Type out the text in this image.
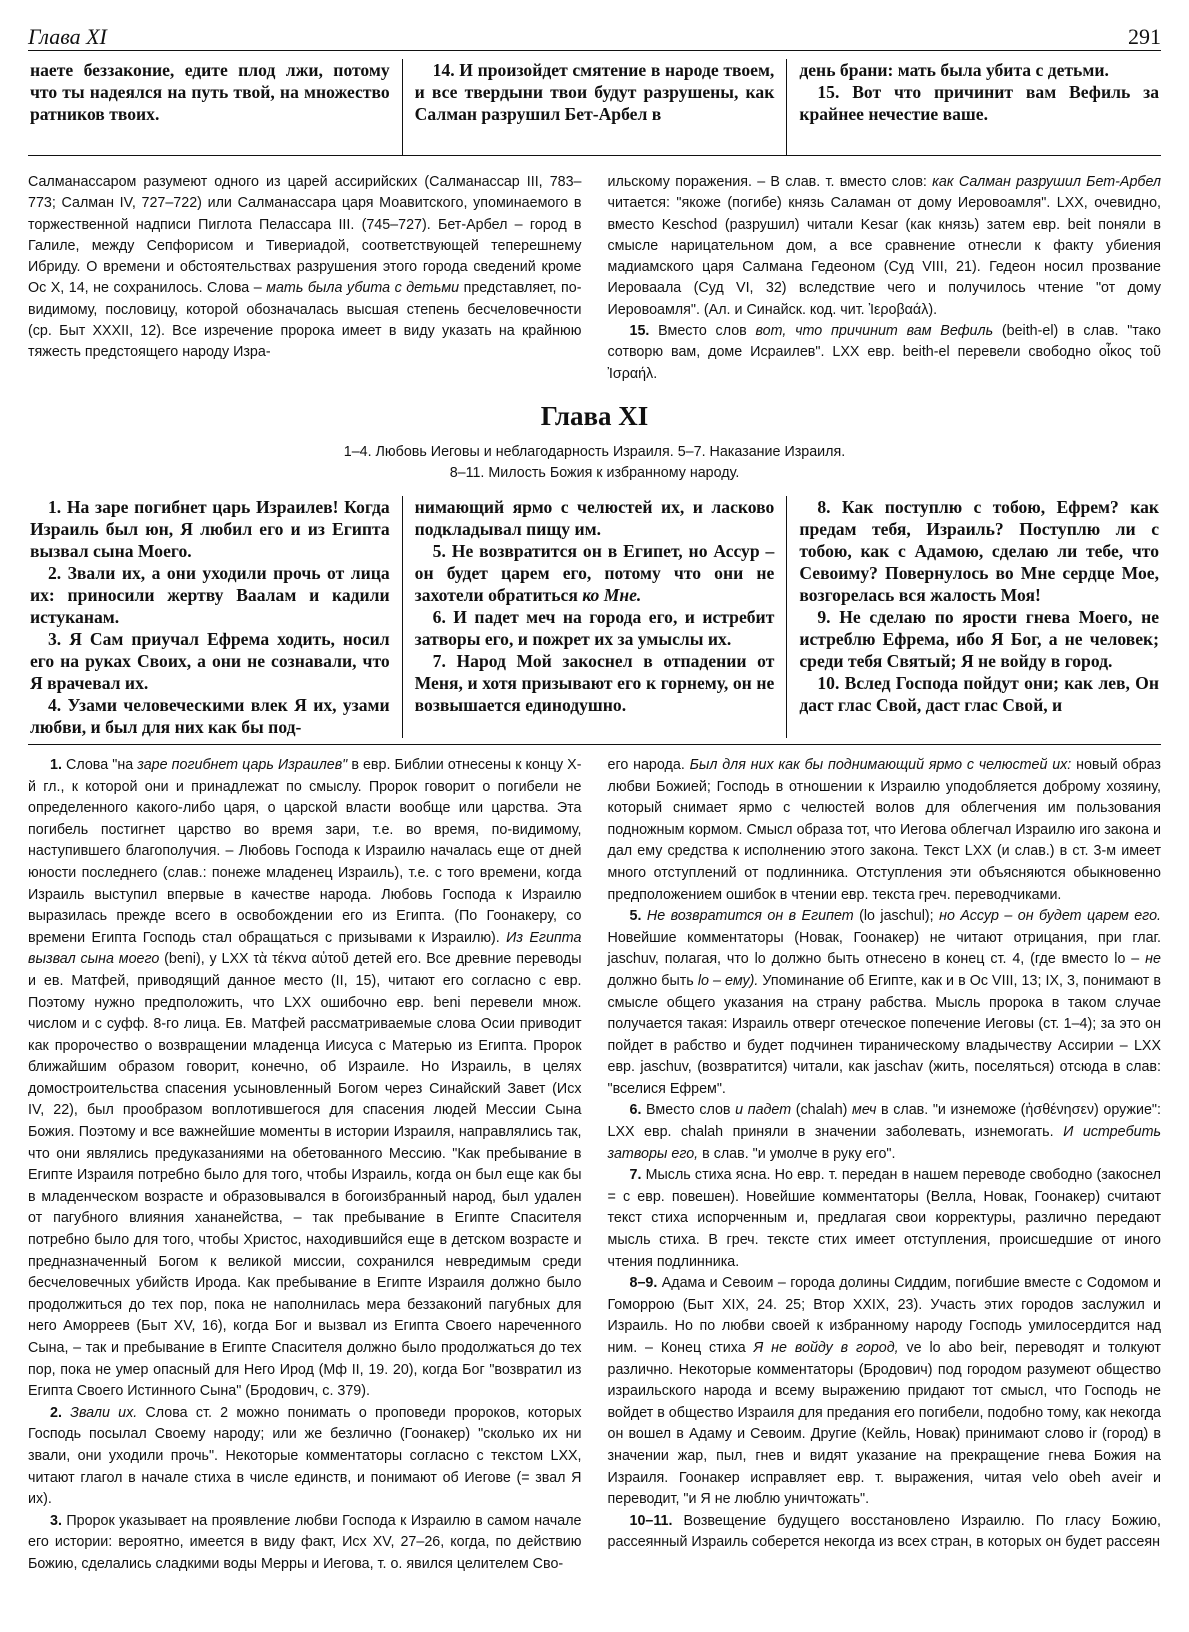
Глава XI	291

наете беззаконие, едите плод лжи, потому что ты надеялся на путь твой, на множество ратников твоих.

14. И произойдет смятение в народе твоем, и все твердыни твои будут разрушены, как Салман разрушил Бет-Арбел в

день брани: мать была убита с детьми.

15. Вот что причинит вам Вефиль за крайнее нечестие ваше.

Салманассаром разумеют одного из царей ассирийских (Салманассар III, 783–773; Салман IV, 727–722) или Салманассара царя Моавитского, упоминаемого в торжественной надписи Пиглота Пелассара III. (745–727). Бет-Арбел – город в Галиле, между Сепфорисом и Тивериадой, соответствующей теперешнему Ибриду. О времени и обстоятельствах разрушения этого города сведений кроме Ос X, 14, не сохранилось. Слова – мать была убита с детьми представляет, по-видимому, пословицу, которой обозначалась высшая степень бесчеловечности (ср. Быт XXXII, 12). Все изречение пророка имеет в виду указать на крайнюю тяжесть предстоящего народу Изра-

ильскому поражения. – В слав. т. вместо слов: как Салман разрушил Бет-Арбел читается: "якоже (погибе) князь Саламан от дому Иеровоамля". LXX, очевидно, вместо Keschod (разрушил) читали Kesar (как князь) затем евр. beit поняли в смысле нарицательном дом, а все сравнение отнесли к факту убиения мадиамского царя Салмана Гедеоном (Суд VIII, 21). Гедеон носил прозвание Иероваала (Суд VI, 32) вследствие чего и получилось чтение "от дому Иеровоамля". (Ал. и Синайск. код. чит. Ἰεροβαάλ).

15. Вместо слов вот, что причинит вам Вефиль (beith-el) в слав. "тако сотворю вам, доме Исраилев". LXX евр. beith-el перевели свободно οἶκος τοῦ Ἰσραήλ.

Глава XI
1–4. Любовь Иеговы и неблагодарность Израиля. 5–7. Наказание Израиля.
8–11. Милость Божия к избранному народу.

1. На заре погибнет царь Израилев! Когда Израиль был юн, Я любил его и из Египта вызвал сына Моего.

2. Звали их, а они уходили прочь от лица их: приносили жертву Ваалам и кадили истуканам.

3. Я Сам приучал Ефрема ходить, носил его на руках Своих, а они не сознавали, что Я врачевал их.

4. Узами человеческими влек Я их, узами любви, и был для них как бы под-

нимающий ярмо с челюстей их, и ласково подкладывал пищу им.

5. Не возвратится он в Египет, но Ассур – он будет царем его, потому что они не захотели обратиться ко Мне.

6. И падет меч на города его, и истребит затворы его, и пожрет их за умыслы их.

7. Народ Мой закоснел в отпадении от Меня, и хотя призывают его к горнему, он не возвышается единодушно.

8. Как поступлю с тобою, Ефрем? как предам тебя, Израиль? Поступлю ли с тобою, как с Адамою, сделаю ли тебе, что Севоиму? Повернулось во Мне сердце Мое, возгорелась вся жалость Моя!

9. Не сделаю по ярости гнева Моего, не истреблю Ефрема, ибо Я Бог, а не человек; среди тебя Святый; Я не войду в город.

10. Вслед Господа пойдут они; как лев, Он даст глас Свой, даст глас Свой, и

1. Слова "на заре погибнет царь Израилев" в евр. Библии отнесены к концу X-й гл., к которой они и принадлежат по смыслу. Пророк говорит о погибели не определенного какого-либо царя, о царской власти вообще или царства. Эта погибель постигнет царство во время зари, т.е. во время, по-видимому, наступившего благополучия. – Любовь Господа к Израилю началась еще от дней юности последнего (слав.: понеже младенец Израиль), т.е. с того времени, когда Израиль выступил впервые в качестве народа. Любовь Господа к Израилю выразилась прежде всего в освобождении его из Египта. (По Гоонакеру, со времени Египта Господь стал обращаться с призывами к Израилю). Из Египта вызвал сына моего (beni), у LXX τὰ τέκνα αὐτοῦ детей его. Все древние переводы и ев. Матфей, приводящий данное место (II, 15), читают его согласно с евр. Поэтому нужно предположить, что LXX ошибочно евр. beni перевели множ. числом и с суфф. 8-го лица. Ев. Матфей рассматриваемые слова Осии приводит как пророчество о возвращении младенца Иисуса с Матерью из Египта. Пророк ближайшим образом говорит, конечно, об Израиле. Но Израиль, в целях домостроительства спасения усыновленный Богом через Синайский Завет (Исх IV, 22), был прообразом воплотившегося для спасения людей Мессии Сына Божия. Поэтому и все важнейшие моменты в истории Израиля, направлялись так, что они являлись предуказаниями на обетованного Мессию. "Как пребывание в Египте Израиля потребно было для того, чтобы Израиль, когда он был еще как бы в младенческом возрасте и образовывался в богоизбранный народ, был удален от пагубного влияния хананейства, – так пребывание в Египте Спасителя потребно было для того, чтобы Христос, находившийся еще в детском возрасте и предназначенный Богом к великой миссии, сохранился невредимым среди бесчеловечных убийств Ирода. Как пребывание в Египте Израиля должно было продолжиться до тех пор, пока не наполнилась мера беззаконий пагубных для него Аморреев (Быт XV, 16), когда Бог и вызвал из Египта Своего нареченного Сына, – так и пребывание в Египте Спасителя должно было продолжаться до тех пор, пока не умер опасный для Него Ирод (Мф II, 19. 20), когда Бог "возвратил из Египта Своего Истинного Сына" (Бродович, с. 379).

2. Звали их. Слова ст. 2 можно понимать о проповеди пророков, которых Господь посылал Своему народу; или же безлично (Гоонакер) "сколько их ни звали, они уходили прочь". Некоторые комментаторы согласно с текстом LXX, читают глагол в начале стиха в числе единств, и понимают об Иегове (= звал Я их).

3. Пророк указывает на проявление любви Господа к Израилю в самом начале его истории: вероятно, имеется в виду факт, Исх XV, 27–26, когда, по действию Божию, сделались сладкими воды Мерры и Иегова, т. о. явился целителем Сво-

его народа. Был для них как бы поднимающий ярмо с челюстей их: новый образ любви Божией; Господь в отношении к Израилю уподобляется доброму хозяину, который снимает ярмо с челюстей волов для облегчения им пользования подножным кормом. Смысл образа тот, что Иегова облегчал Израилю иго закона и дал ему средства к исполнению этого закона. Текст LXX (и слав.) в ст. 3-м имеет много отступлений от подлинника. Отступления эти объясняются обыкновенно предположением ошибок в чтении евр. текста греч. переводчиками.

5. Не возвратится он в Египет (lo jaschul); но Ассур – он будет царем его. Новейшие комментаторы (Новак, Гоонакер) не читают отрицания, при глаг. jaschuv, полагая, что lo должно быть отнесено в конец ст. 4, (где вместо lo – не должно быть lo – ему). Упоминание об Египте, как и в Ос VIII, 13; IX, 3, понимают в смысле общего указания на страну рабства. Мысль пророка в таком случае получается такая: Израиль отверг отеческое попечение Иеговы (ст. 1–4); за это он пойдет в рабство и будет подчинен тираническому владычеству Ассирии – LXX евр. jaschuv, (возвратится) читали, как jaschav (жить, поселяться) отсюда в слав: "вселися Ефрем".

6. Вместо слов и падет (chalah) меч в слав. "и изнеможе (ἠσθένησεν) оружие": LXX евр. chalah приняли в значении заболевать, изнемогать. И истребить затворы его, в слав. "и умолче в руку его".

7. Мысль стиха ясна. Но евр. т. передан в нашем переводе свободно (закоснел = с евр. повешен). Новейшие комментаторы (Велла, Новак, Гоонакер) считают текст стиха испорченным и, предлагая свои корректуры, различно передают мысль стиха. В греч. тексте стих имеет отступления, происшедшие от иного чтения подлинника.

8–9. Адама и Севоим – города долины Сиддим, погибшие вместе с Содомом и Гоморрою (Быт XIX, 24. 25; Втор XXIX, 23). Участь этих городов заслужил и Израиль. Но по любви своей к избранному народу Господь умилосердится над ним. – Конец стиха Я не войду в город, ve lo abo beir, переводят и толкуют различно. Некоторые комментаторы (Бродович) под городом разумеют общество израильского народа и всему выражению придают тот смысл, что Господь не войдет в общество Израиля для предания его погибели, подобно тому, как некогда он вошел в Адаму и Севоим. Другие (Кейль, Новак) принимают слово ir (город) в значении жар, пыл, гнев и видят указание на прекращение гнева Божия на Израиля. Гоонакер исправляет евр. т. выражения, читая velo obeh aveir и переводит, "и Я не люблю уничтожать".

10–11. Возвещение будущего восстановлено Израилю. По гласу Божию, рассеянный Израиль соберется некогда из всех стран, в которых он будет рассеян
